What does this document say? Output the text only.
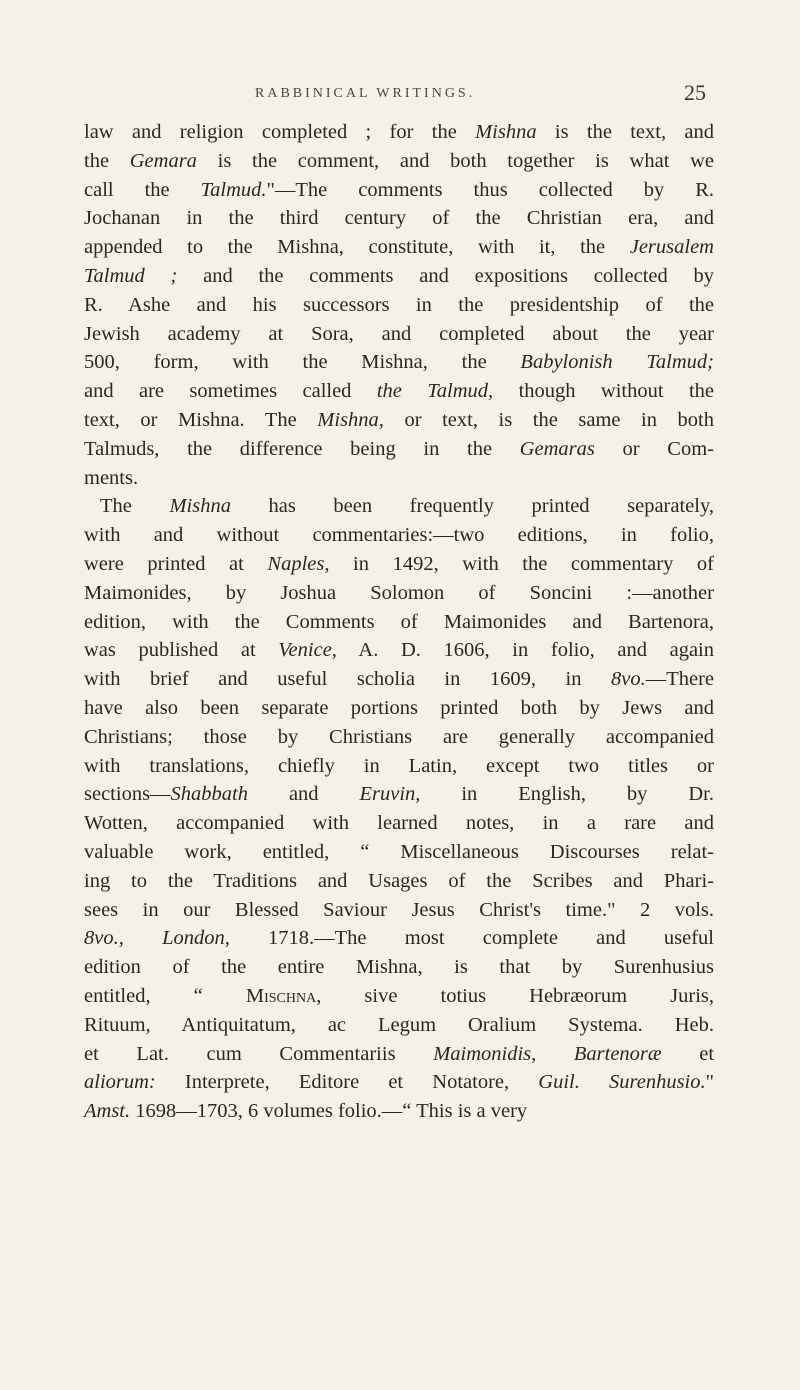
RABBINICAL WRITINGS.	25
law and religion completed ; for the Mishna is the text, and
the Gemara is the comment, and both together is what we
call the Talmud."—The comments thus collected by R.
Jochanan in the third century of the Christian era, and
appended to the Mishna, constitute, with it, the Jerusalem
Talmud ; and the comments and expositions collected by
R. Ashe and his successors in the presidentship of the
Jewish academy at Sora, and completed about the year
500, form, with the Mishna, the Babylonish Talmud;
and are sometimes called the Talmud, though without the
text, or Mishna. The Mishna, or text, is the same in both
Talmuds, the difference being in the Gemaras or Com-
ments.
The Mishna has been frequently printed separately,
with and without commentaries:—two editions, in folio,
were printed at Naples, in 1492, with the commentary of
Maimonides, by Joshua Solomon of Soncini :—another
edition, with the Comments of Maimonides and Bartenora,
was published at Venice, A. D. 1606, in folio, and again
with brief and useful scholia in 1609, in 8vo.—There
have also been separate portions printed both by Jews and
Christians; those by Christians are generally accompanied
with translations, chiefly in Latin, except two titles or
sections—Shabbath and Eruvin, in English, by Dr.
Wotten, accompanied with learned notes, in a rare and
valuable work, entitled, “ Miscellaneous Discourses relat-
ing to the Traditions and Usages of the Scribes and Phari-
sees in our Blessed Saviour Jesus Christ's time." 2 vols.
8vo., London, 1718.—The most complete and useful
edition of the entire Mishna, is that by Surenhusius
entitled, “ Mischna, sive totius Hebræorum Juris,
Rituum, Antiquitatum, ac Legum Oralium Systema. Heb.
et Lat. cum Commentariis Maimonidis, Bartenoræ et
aliorum: Interprete, Editore et Notatore, Guil. Surenhusio."
Amst. 1698—1703, 6 volumes folio.—“ This is a very
